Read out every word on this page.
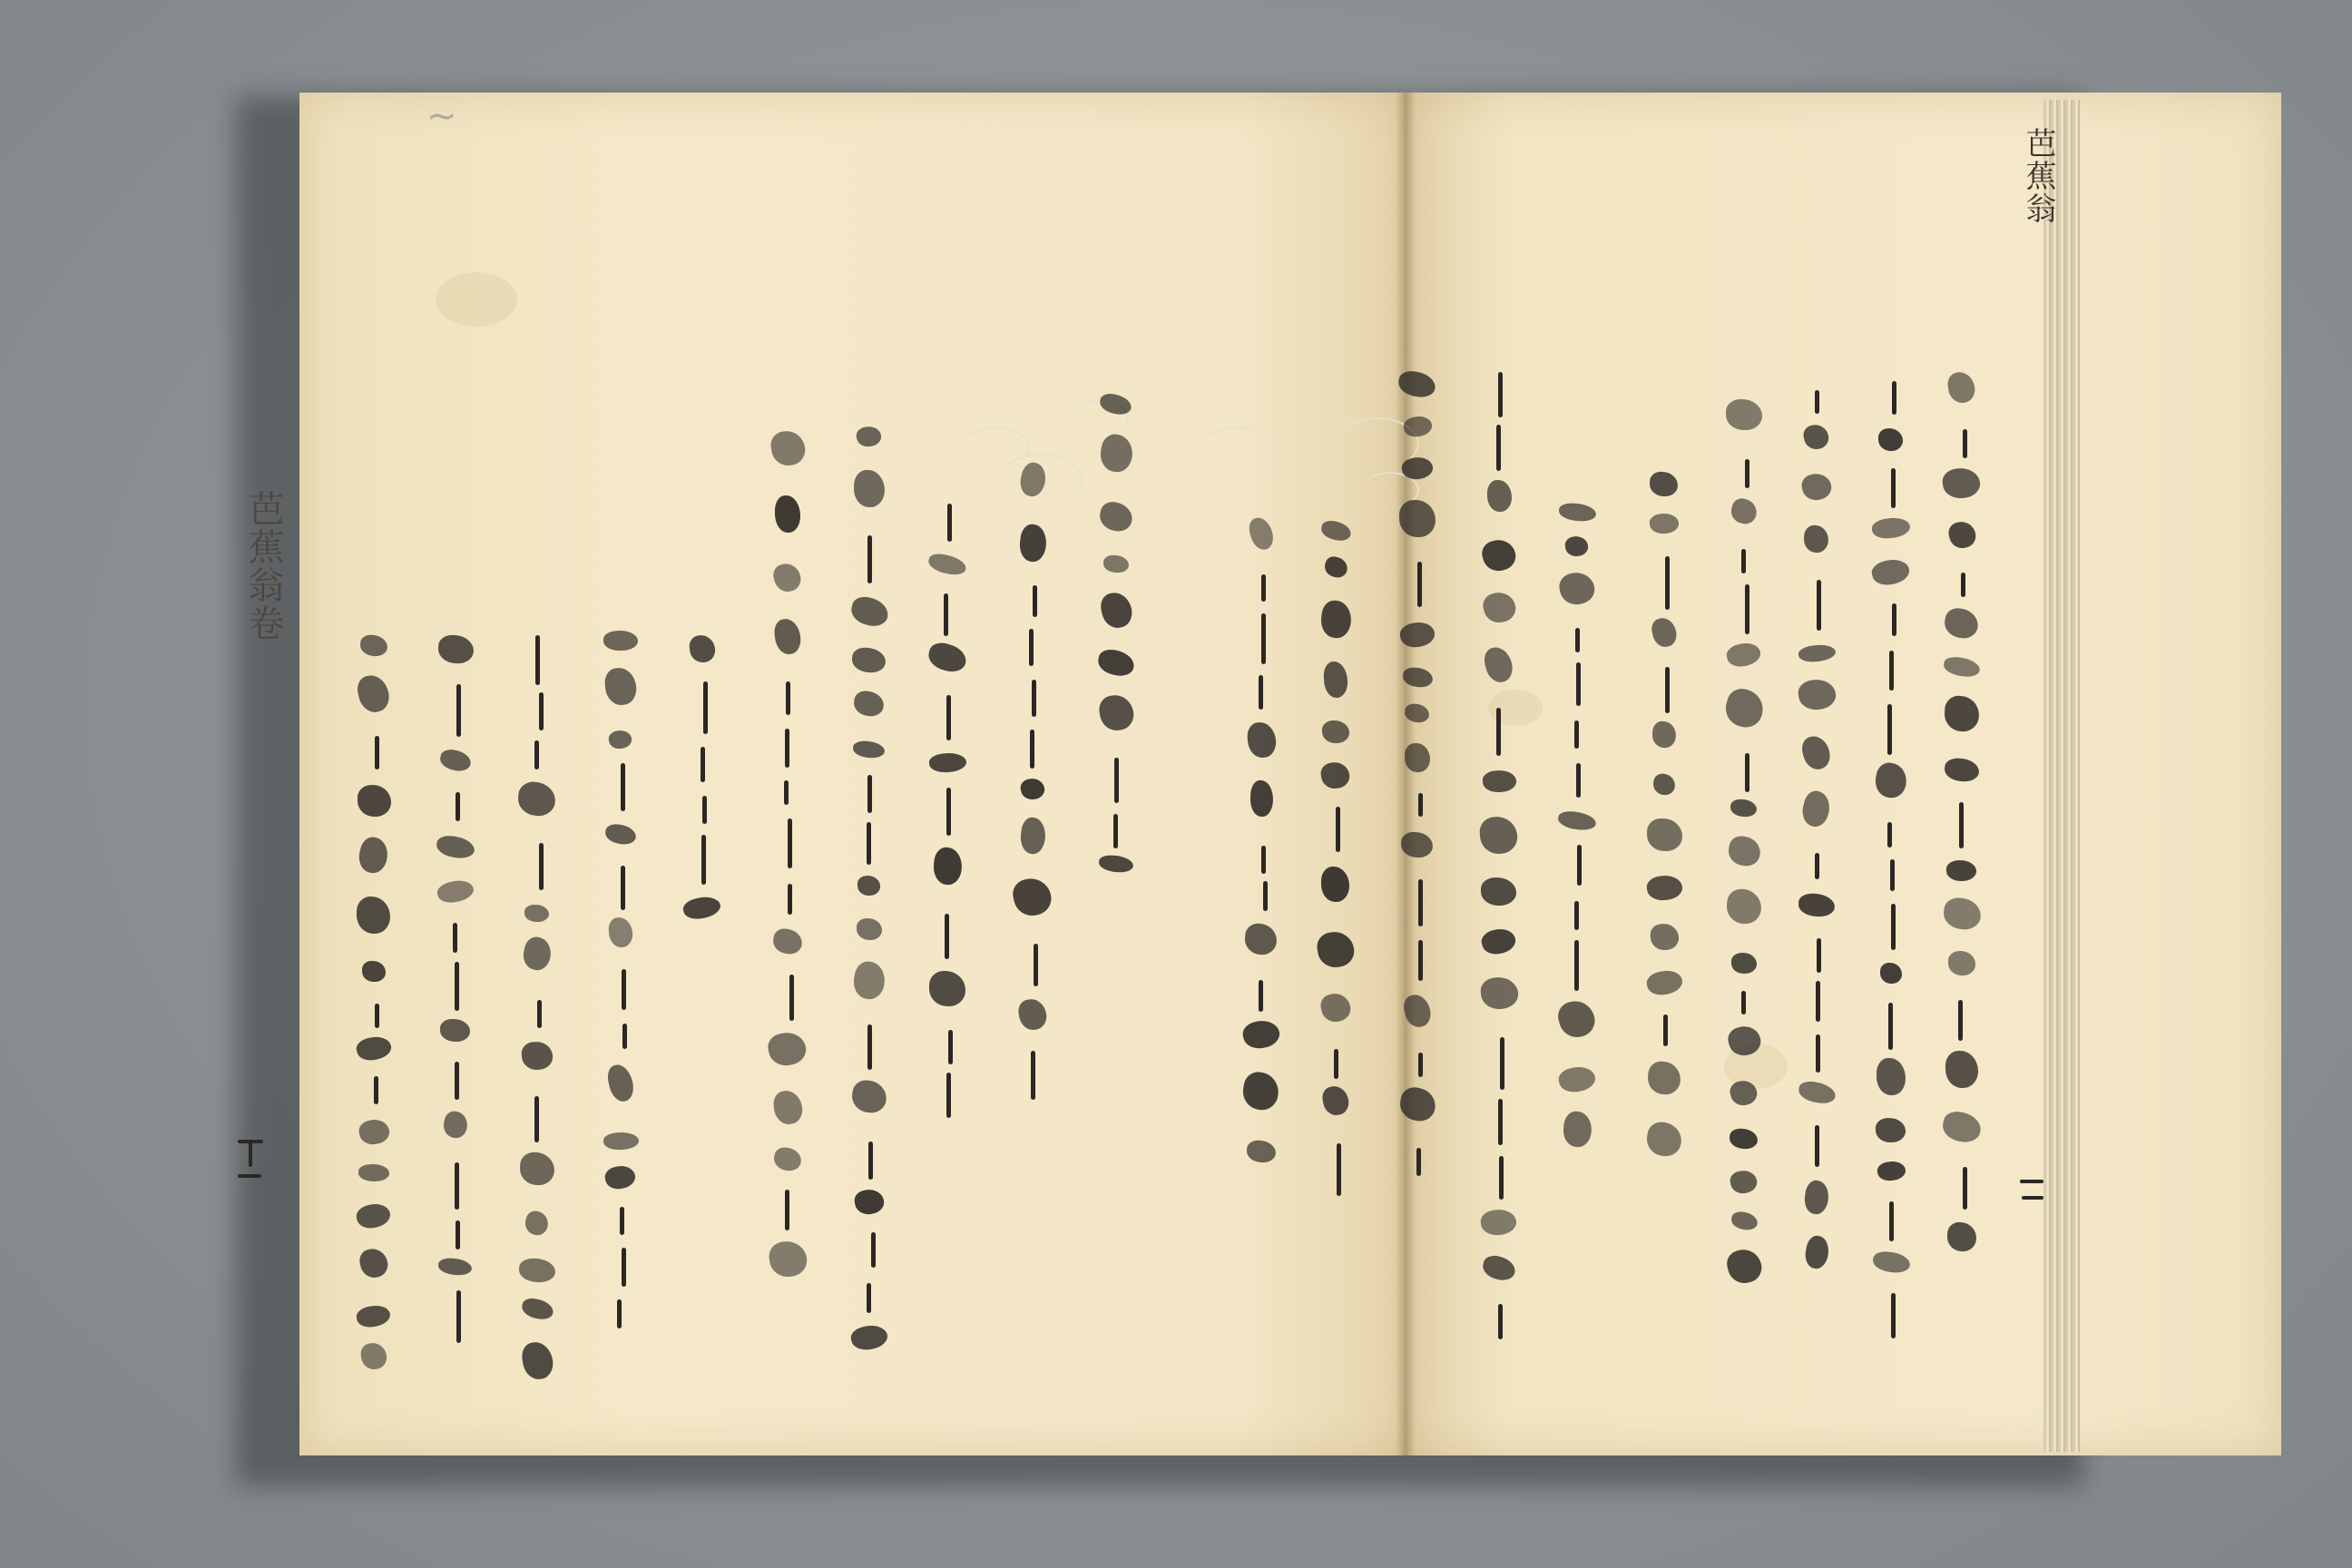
~
芭蕉翁
芭蕉翁卷
